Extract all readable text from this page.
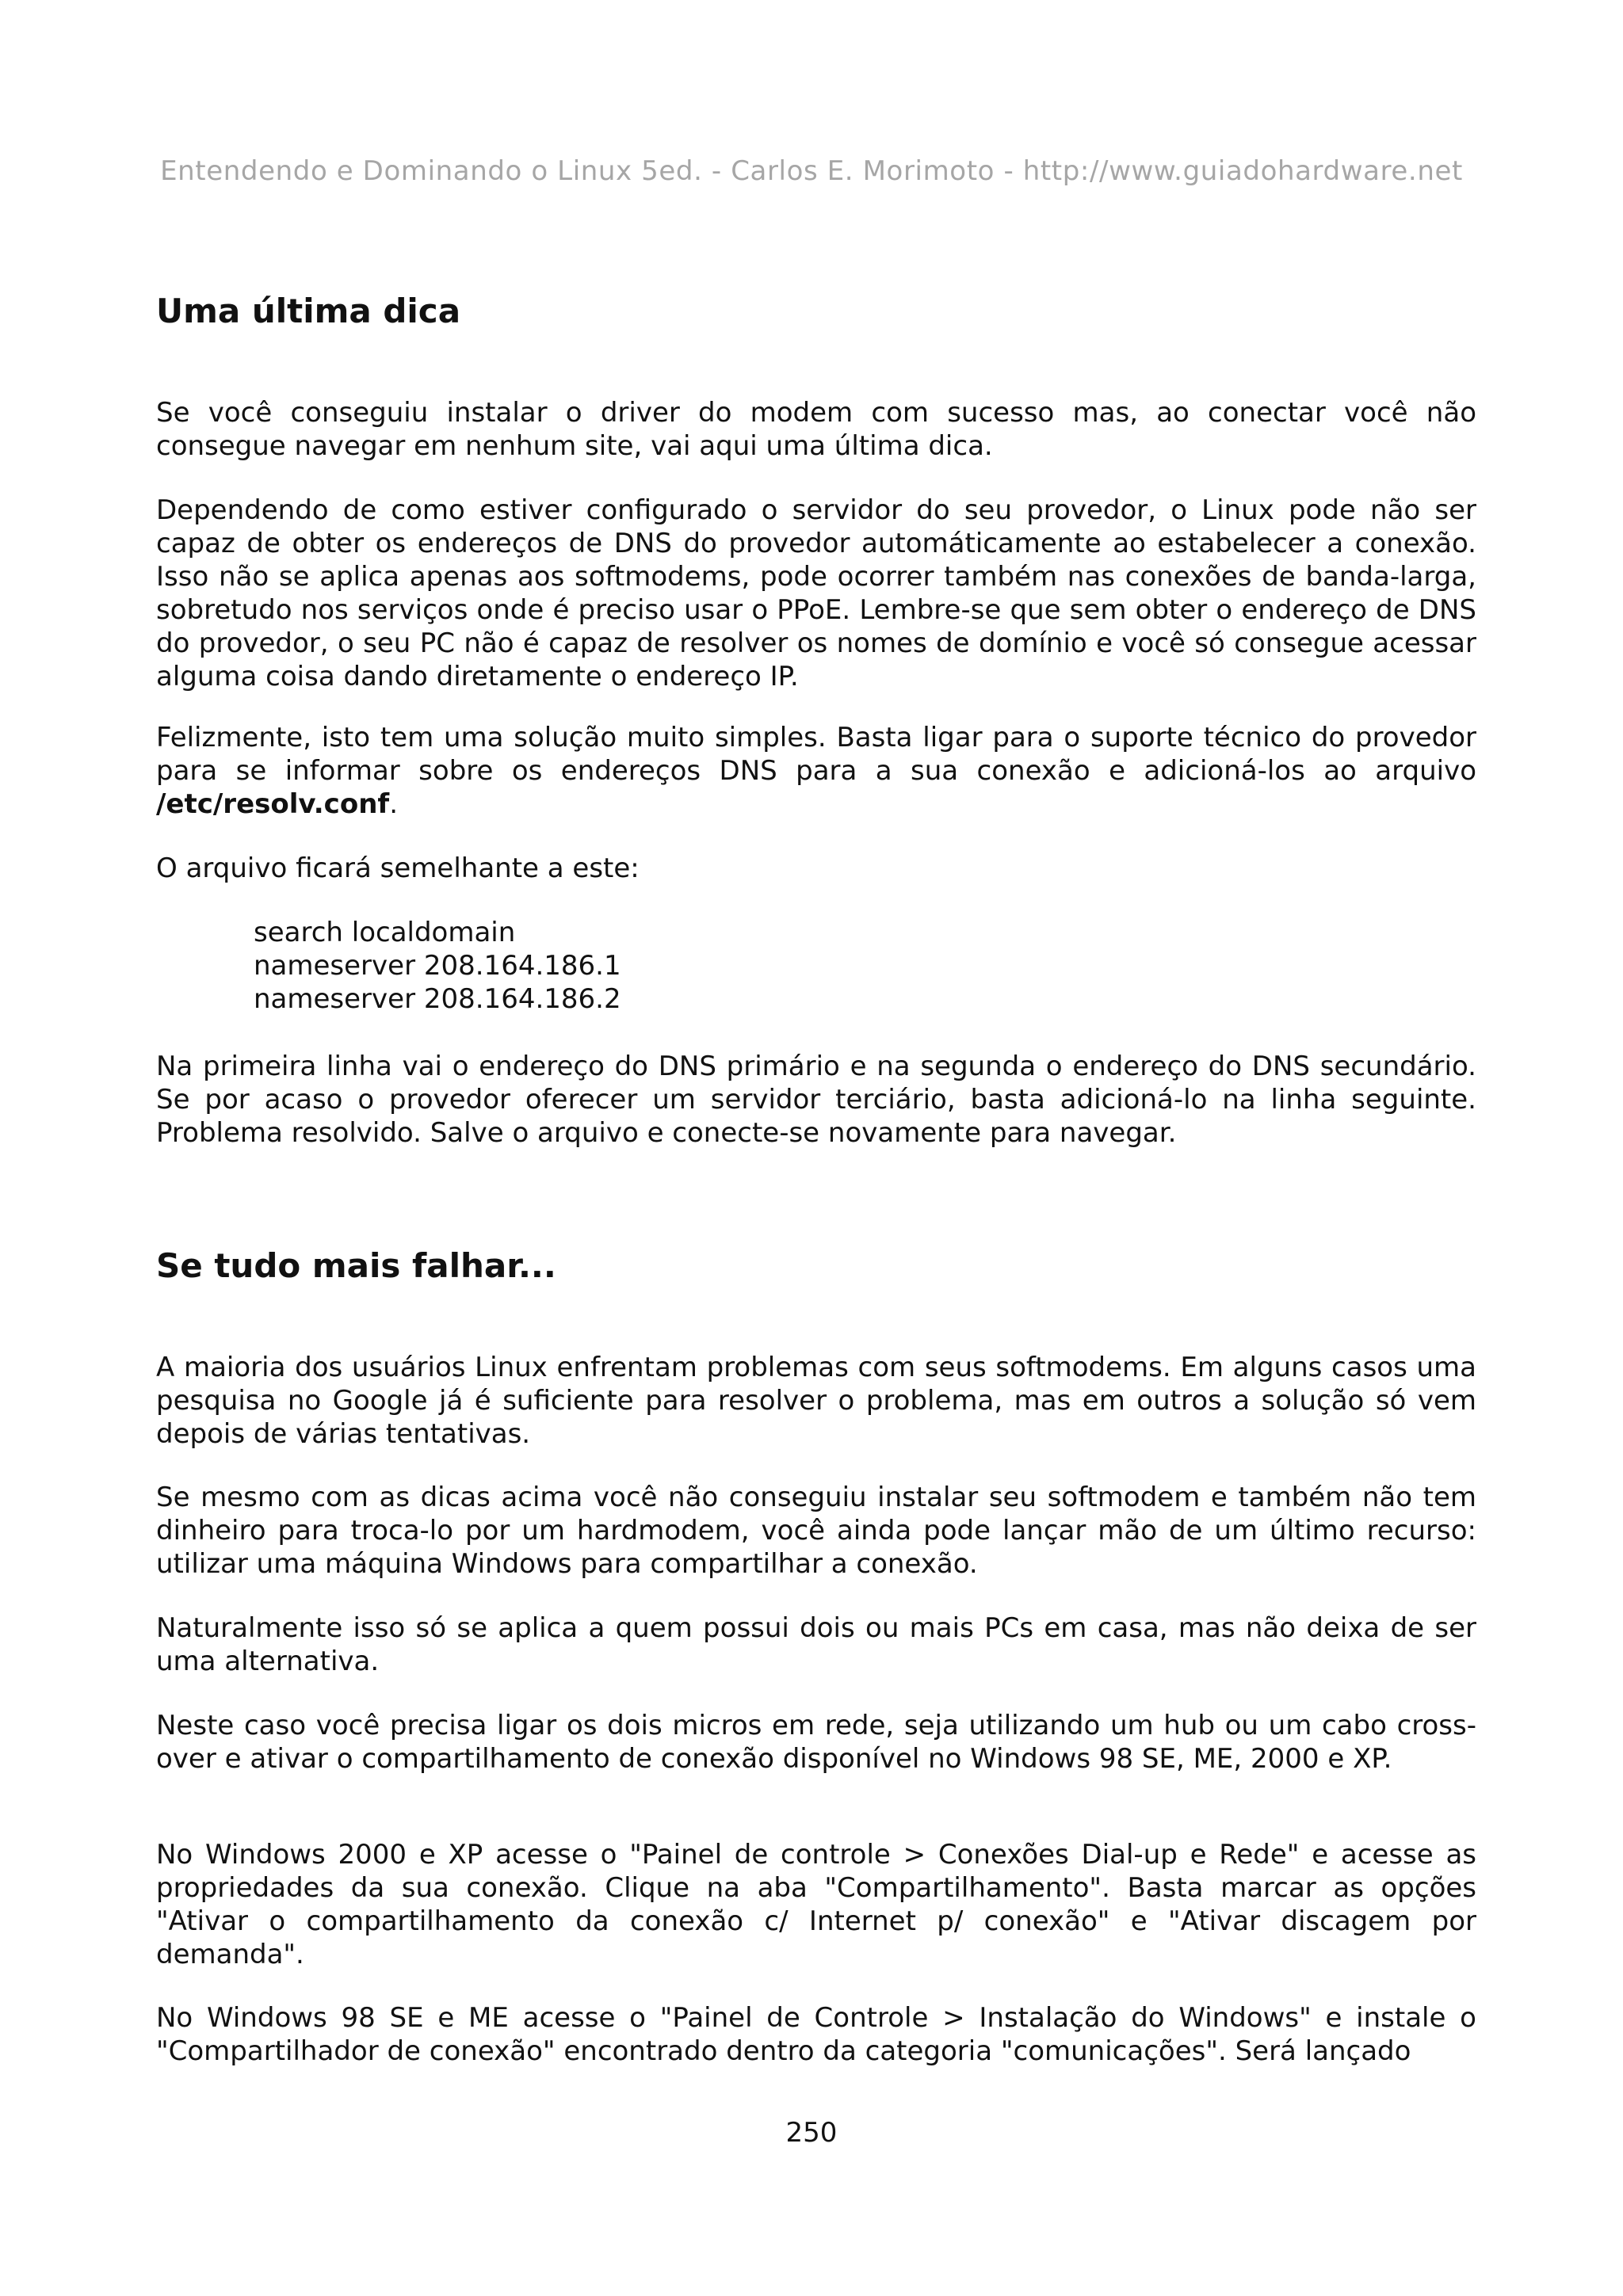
Entendendo e Dominando o Linux 5ed. - Carlos E. Morimoto - http://www.guiadohardware.net
Uma última dica

Se você conseguiu instalar o driver do modem com sucesso mas, ao conectar você não consegue navegar em nenhum site, vai aqui uma última dica.

Dependendo de como estiver configurado o servidor do seu provedor, o Linux pode não ser capaz de obter os endereços de DNS do provedor automáticamente ao estabelecer a conexão. Isso não se aplica apenas aos softmodems, pode ocorrer também nas conexões de banda-larga, sobretudo nos serviços onde é preciso usar o PPoE. Lembre-se que sem obter o endereço de DNS do provedor, o seu PC não é capaz de resolver os nomes de domínio e você só consegue acessar alguma coisa dando diretamente o endereço IP.

Felizmente, isto tem uma solução muito simples. Basta ligar para o suporte técnico do provedor para se informar sobre os endereços DNS para a sua conexão e adicioná-los ao arquivo /etc/resolv.conf.

O arquivo ficará semelhante a este:

search localdomain
nameserver 208.164.186.1
nameserver 208.164.186.2

Na primeira linha vai o endereço do DNS primário e na segunda o endereço do DNS secundário. Se por acaso o provedor oferecer um servidor terciário, basta adicioná-lo na linha seguinte. Problema resolvido. Salve o arquivo e conecte-se novamente para navegar.

Se tudo mais falhar...

A maioria dos usuários Linux enfrentam problemas com seus softmodems. Em alguns casos uma pesquisa no Google já é suficiente para resolver o problema, mas em outros a solução só vem depois de várias tentativas.

Se mesmo com as dicas acima você não conseguiu instalar seu softmodem e também não tem dinheiro para troca-lo por um hardmodem, você ainda pode lançar mão de um último recurso: utilizar uma máquina Windows para compartilhar a conexão.

Naturalmente isso só se aplica a quem possui dois ou mais PCs em casa, mas não deixa de ser uma alternativa.

Neste caso você precisa ligar os dois micros em rede, seja utilizando um hub ou um cabo cross-over e ativar o compartilhamento de conexão disponível no Windows 98 SE, ME, 2000 e XP.

No Windows 2000 e XP acesse o "Painel de controle > Conexões Dial-up e Rede" e acesse as propriedades da sua conexão. Clique na aba "Compartilhamento". Basta marcar as opções "Ativar o compartilhamento da conexão c/ Internet p/ conexão" e "Ativar discagem por demanda".

No Windows 98 SE e ME acesse o "Painel de Controle > Instalação do Windows" e instale o "Compartilhador de conexão" encontrado dentro da categoria "comunicações". Será lançado

250
